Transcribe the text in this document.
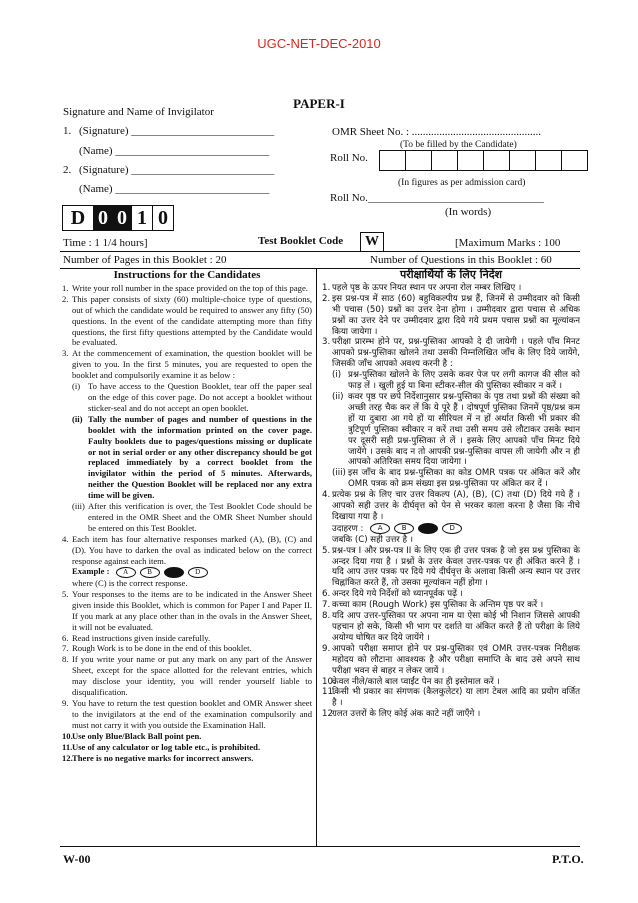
UGC-NET-DEC-2010
PAPER-I
Signature and Name of Invigilator
1. (Signature) __________________________
(Name) ____________________________
2. (Signature) __________________________
(Name) ____________________________
OMR Sheet No. : ...............................................
(To be filled by the Candidate)
Roll No.
(In figures as per admission card)
Roll No.________________________________
(In words)
D 0 0 1 0
Time : 1 1/4 hours]	Test Booklet Code	W	[Maximum Marks : 100
Number of Pages in this Booklet : 20	Number of Questions in this Booklet : 60
Instructions for the Candidates
1. Write your roll number in the space provided on the top of this page.
2. This paper consists of sixty (60) multiple-choice type of questions, out of which the candidate would be required to answer any fifty (50) questions. In the event of the candidate attempting more than fifty questions, the first fifty questions attempted by the Candidate would be evaluated.
3. At the commencement of examination, the question booklet will be given to you. In the first 5 minutes, you are requested to open the booklet and compulsorily examine it as below :
(i) To have access to the Question Booklet, tear off the paper seal on the edge of this cover page. Do not accept a booklet without sticker-seal and do not accept an open booklet.
(ii) Tally the number of pages and number of questions in the booklet with the information printed on the cover page. Faulty booklets due to pages/questions missing or duplicate or not in serial order or any other discrepancy should be got replaced immediately by a correct booklet from the invigilator within the period of 5 minutes. Afterwards, neither the Question Booklet will be replaced nor any extra time will be given.
(iii) After this verification is over, the Test Booklet Code should be entered in the OMR Sheet and the OMR Sheet Number should be entered on this Test Booklet.
4. Each item has four alternative responses marked (A), (B), (C) and (D). You have to darken the oval as indicated below on the correct response against each item.
Example :	A	B	D
where (C) is the correct response.
5. Your responses to the items are to be indicated in the Answer Sheet given inside this Booklet, which is common for Paper I and Paper II. If you mark at any place other than in the ovals in the Answer Sheet, it will not be evaluated.
6. Read instructions given inside carefully.
7. Rough Work is to be done in the end of this booklet.
8. If you write your name or put any mark on any part of the Answer Sheet, except for the space allotted for the relevant entries, which may disclose your identity, you will render yourself liable to disqualification.
9. You have to return the test question booklet and OMR Answer sheet to the invigilators at the end of the examination compulsorily and must not carry it with you outside the Examination Hall.
10. Use only Blue/Black Ball point pen.
11. Use of any calculator or log table etc., is prohibited.
12. There is no negative marks for incorrect answers.
परीक्षार्थियों के लिए निर्देश
1. पहले पृष्ठ के ऊपर नियत स्थान पर अपना रोल नम्बर लिखिए ।
2. इस प्रश्न-पत्र में साठ (60) बहुविकल्पीय प्रश्न हैं, जिनमें से उम्मीदवार को किसी भी पचास (50) प्रश्नों का उत्तर देना होगा । उम्मीदवार द्वारा पचास से अधिक प्रश्नों का उत्तर देने पर उम्मीदवार द्वारा दिये गये प्रथम पचास प्रश्नों का मूल्यांकन किया जायेगा ।
3. परीक्षा प्रारम्भ होने पर, प्रश्न-पुस्तिका आपको दे दी जायेगी । पहले पाँच मिनट आपको प्रश्न-पुस्तिका खोलने तथा उसकी निम्नलिखित जाँच के लिए दिये जायेंगे, जिसकी जाँच आपको अवश्य करनी है :
(i) प्रश्न-पुस्तिका खोलने के लिए उसके कवर पेज पर लगी कागज की सील को फाड़ लें । खुली हुई या बिना स्टीकर-सील की पुस्तिका स्वीकार न करें ।
(ii) कवर पृष्ठ पर छपे निर्देशानुसार प्रश्न-पुस्तिका के पृष्ठ तथा प्रश्नों की संख्या को अच्छी तरह चैक कर लें कि ये पूरे हैं । दोषपूर्ण पुस्तिका जिनमें पृष्ठ/प्रश्न कम हों या दुबारा आ गये हों या सीरियल में न हों अर्थात किसी भी प्रकार की त्रुटिपूर्ण पुस्तिका स्वीकार न करें तथा उसी समय उसे लौटाकर उसके स्थान पर दूसरी सही प्रश्न-पुस्तिका ले लें । इसके लिए आपको पाँच मिनट दिये जायेंगे । उसके बाद न तो आपकी प्रश्न-पुस्तिका वापस ली जायेगी और न ही आपको अतिरिक्त समय दिया जायेगा ।
(iii) इस जाँच के बाद प्रश्न-पुस्तिका का कोड OMR पत्रक पर अंकित करें और OMR पत्रक को क्रम संख्या इस प्रश्न-पुस्तिका पर अंकित कर दें ।
4. प्रत्येक प्रश्न के लिए चार उत्तर विकल्प (A), (B), (C) तथा (D) दिये गये हैं । आपको सही उत्तर के दीर्घवृत्त को पेन से भरकर काला करना है जैसा कि नीचे दिखाया गया है ।
उदाहरण :	A	B	D
जबकि (C) सही उत्तर है ।
5. प्रश्न-पत्र I और प्रश्न-पत्र II के लिए एक ही उत्तर पत्रक है जो इस प्रश्न पुस्तिका के अन्दर दिया गया है । प्रश्नों के उत्तर केवल उत्तर-पत्रक पर ही अंकित करने हैं । यदि आप उत्तर पत्रक पर दिये गये दीर्घवृत्त के अलावा किसी अन्य स्थान पर उत्तर चिह्नांकित करते हैं, तो उसका मूल्यांकन नहीं होगा ।
6. अन्दर दिये गये निर्देशों को ध्यानपूर्वक पढ़ें ।
7. कच्चा काम (Rough Work) इस पुस्तिका के अन्तिम पृष्ठ पर करें ।
8. यदि आप उत्तर-पुस्तिका पर अपना नाम या ऐसा कोई भी निशान जिससे आपकी पहचान हो सके, किसी भी भाग पर दर्शाते या अंकित करते हैं तो परीक्षा के लिये अयोग्य घोषित कर दिये जायेंगे ।
9. आपको परीक्षा समाप्त होने पर प्रश्न-पुस्तिका एवं OMR उत्तर-पत्रक निरीक्षक महोदय को लौटाना आवश्यक है और परीक्षा समाप्ति के बाद उसे अपने साथ परीक्षा भवन से बाहर न लेकर जायें ।
10.
केवल नीले/काले बाल प्वाईंट पेन का ही इस्तेमाल करें ।
11.
किसी भी प्रकार का संगणक (कैलकुलेटर) या लाग टेबल आदि का प्रयोग वर्जित है ।
12.
गलत उत्तरों के लिए कोई अंक काटे नहीं जाएँगे ।
W-00	P.T.O.
